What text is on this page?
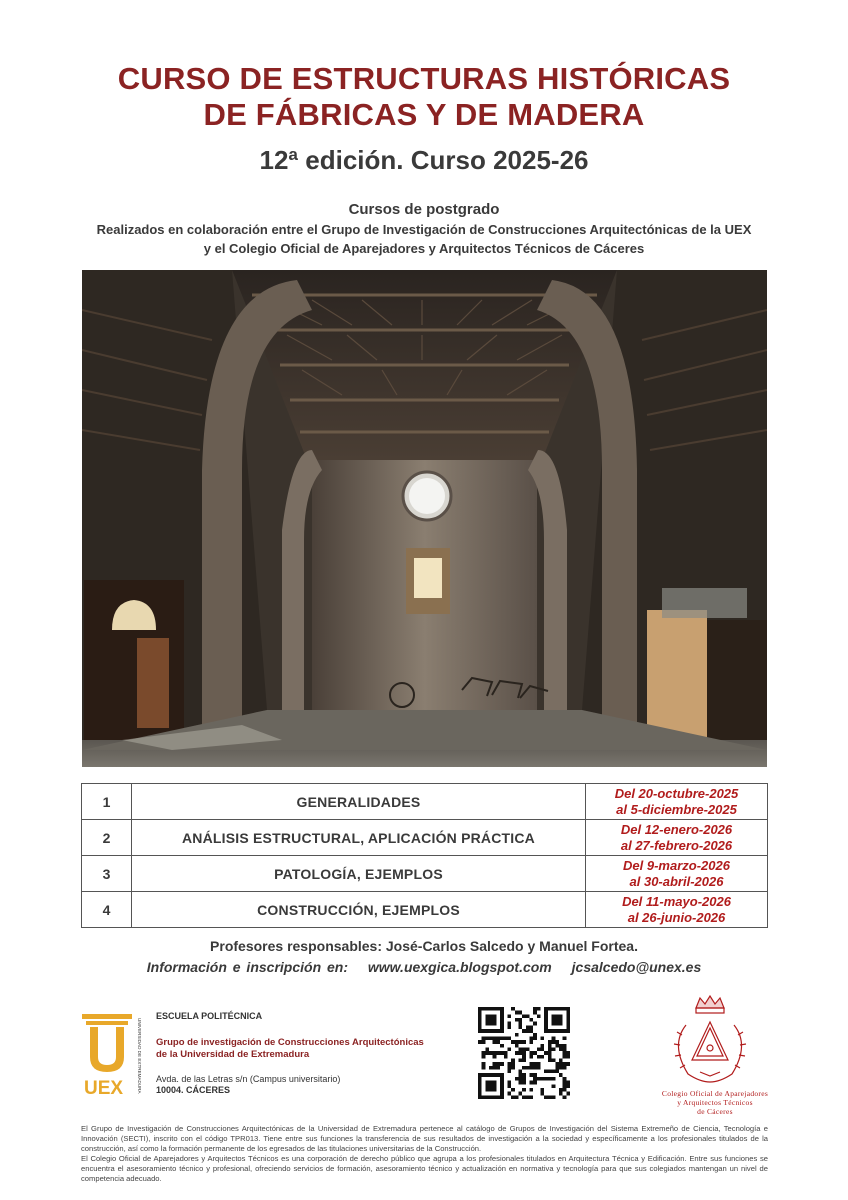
CURSO DE ESTRUCTURAS HISTÓRICAS
DE FÁBRICAS Y DE MADERA
12ª edición. Curso 2025-26
Cursos de postgrado
Realizados en colaboración entre el Grupo de Investigación de Construcciones Arquitectónicas de la UEX
y el Colegio Oficial de Aparejadores y Arquitectos Técnicos de Cáceres
1	GENERALIDADES	Del 20-octubre-2025
al 5-diciembre-2025

2	ANÁLISIS ESTRUCTURAL, APLICACIÓN PRÁCTICA	Del 12-enero-2026
al 27-febrero-2026

3	PATOLOGÍA, EJEMPLOS	Del 9-marzo-2026
al 30-abril-2026

4	CONSTRUCCIÓN, EJEMPLOS	Del 11-mayo-2026
al 26-junio-2026
Profesores responsables: José-Carlos Salcedo y Manuel Fortea.
Información e inscripción en: www.uexgica.blogspot.com jcsalcedo@unex.es
UEX	UNIVERSIDAD DE EXTREMADURA
ESCUELA POLITÉCNICA
Grupo de investigación de Construcciones Arquitectónicas
de la Universidad de Extremadura
Avda. de las Letras s/n (Campus universitario)
10004. CÁCERES	Colegio Oficial de Aparejadores
y Arquitectos Técnicos
de Cáceres

El Grupo de Investigación de Construcciones Arquitectónicas de la Universidad de Extremadura pertenece al catálogo de Grupos de Investigación del Sistema Extremeño de Ciencia, Tecnología e Innovación (SECTI), inscrito con el código TPR013. Tiene entre sus funciones la transferencia de sus resultados de investigación a la sociedad y específicamente a los profesionales titulados de la construcción, así como la formación permanente de los egresados de las titulaciones universitarias de la Construcción.

El Colegio Oficial de Aparejadores y Arquitectos Técnicos es una corporación de derecho público que agrupa a los profesionales titulados en Arquitectura Técnica y Edificación. Entre sus funciones se encuentra el asesoramiento técnico y profesional, ofreciendo servicios de formación, asesoramiento técnico y actualización en normativa y tecnología para que sus colegiados mantengan un nivel de competencia adecuado.
